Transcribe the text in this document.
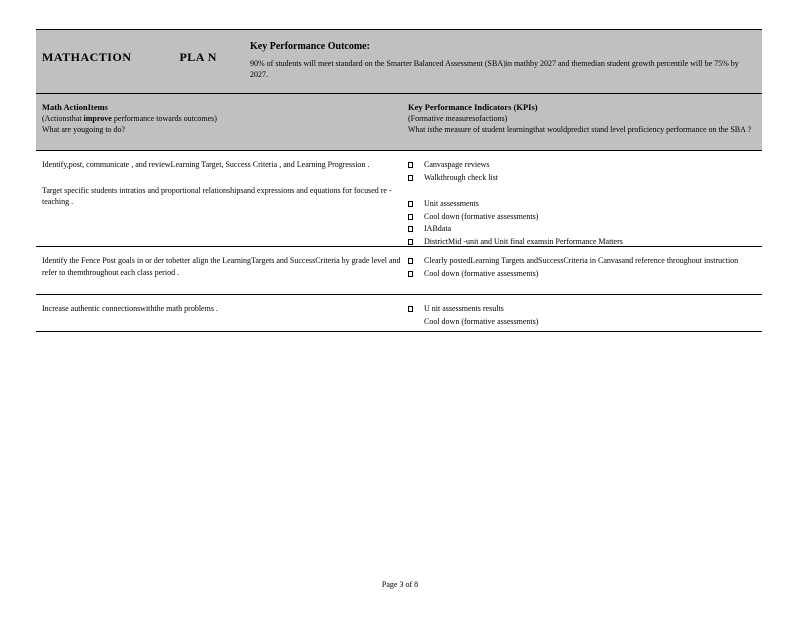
MATHACTION	PLA N
Key Performance Outcome:
90% of students will meet standard on the Smarter Balanced Assessment (SBA)in mathby 2027 and themedian student growth percentile will be 75% by 2027.
Math ActionItems
(Actionsthat improve performance towards outcomes)
What are yougoing to do?
Key Performance Indicators (KPIs)
(Formative measuresofactions)
What isthe measure of student learningthat wouldpredict stand level proficiency performance on the SBA ?
Identify,post, communicate , and reviewLearning Target, Success Criteria , and Learning Progression .
Target specific students intratios and proportional relationshipsand expressions and equations for focused re -teaching .
Canvaspage reviews
Walkthrough check list
Unit assessments
Cool down (formative assessments)
IABdata
DistrictMid -unit and Unit final examsin Performance Matters
Identify the Fence Post goals in or der tobetter align the LearningTargets and SuccessCriteria by grade level and refer to themthroughout each class period .
Clearly postedLearning Targets andSuccessCriteria in Canvasand reference throughout instruction
Cool down (formative assessments)
Increase authentic connectionswiththe math problems .	U nit assessments results
Cool down (formative assessments)
Page 3 of 8
